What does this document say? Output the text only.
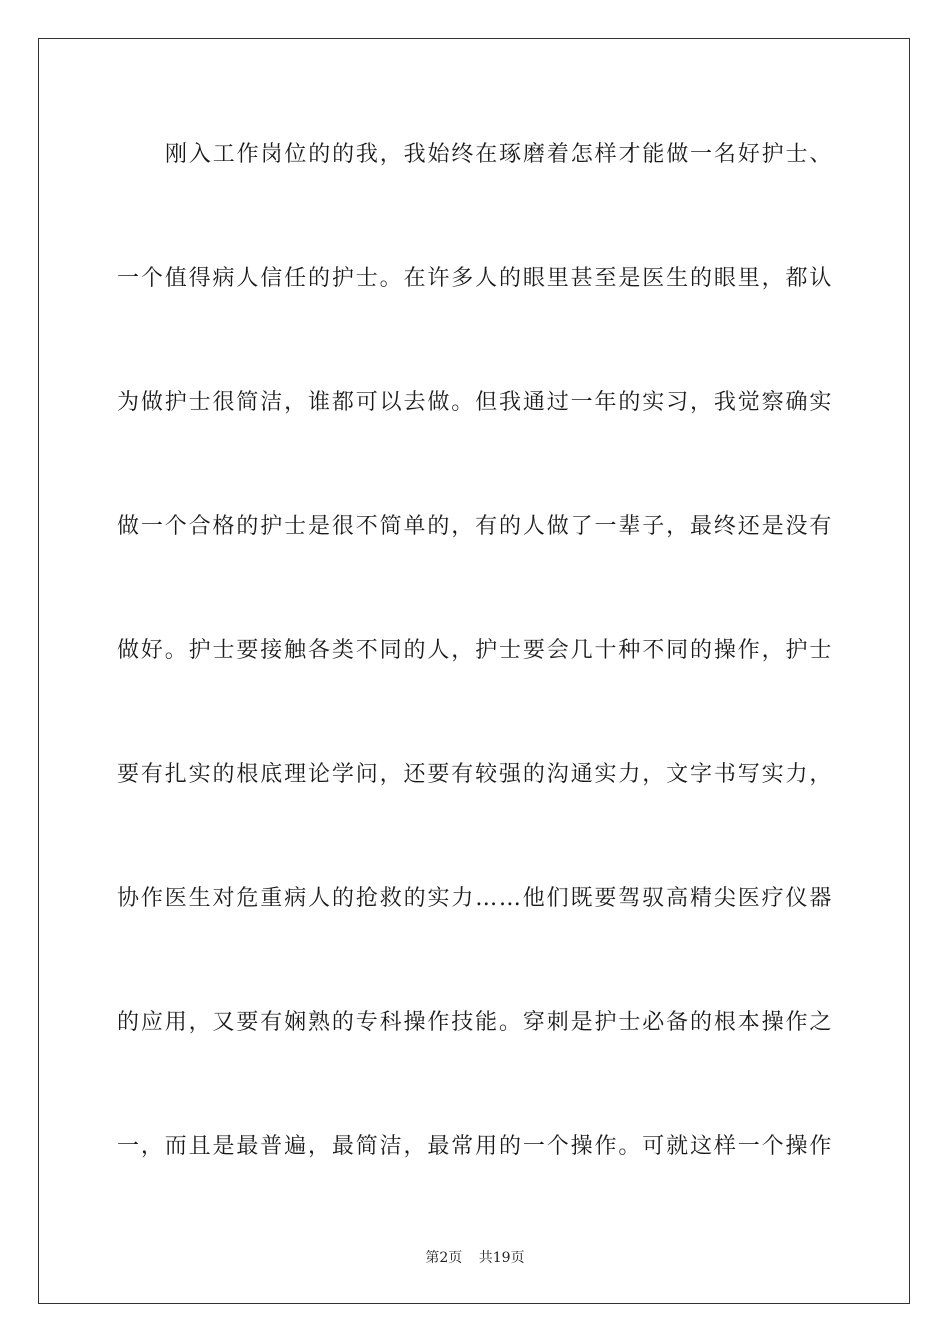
刚入工作岗位的的我，我始终在琢磨着怎样才能做一名好护士、
一个值得病人信任的护士。在许多人的眼里甚至是医生的眼里，都认
为做护士很简洁，谁都可以去做。但我通过一年的实习，我觉察确实
做一个合格的护士是很不简单的，有的人做了一辈子，最终还是没有
做好。护士要接触各类不同的人，护士要会几十种不同的操作，护士
要有扎实的根底理论学问，还要有较强的沟通实力，文字书写实力，
协作医生对危重病人的抢救的实力……他们既要驾驭高精尖医疗仪器
的应用，又要有娴熟的专科操作技能。穿刺是护士必备的根本操作之
一，而且是最普遍，最简洁，最常用的一个操作。可就这样一个操作
第2页 共19页
